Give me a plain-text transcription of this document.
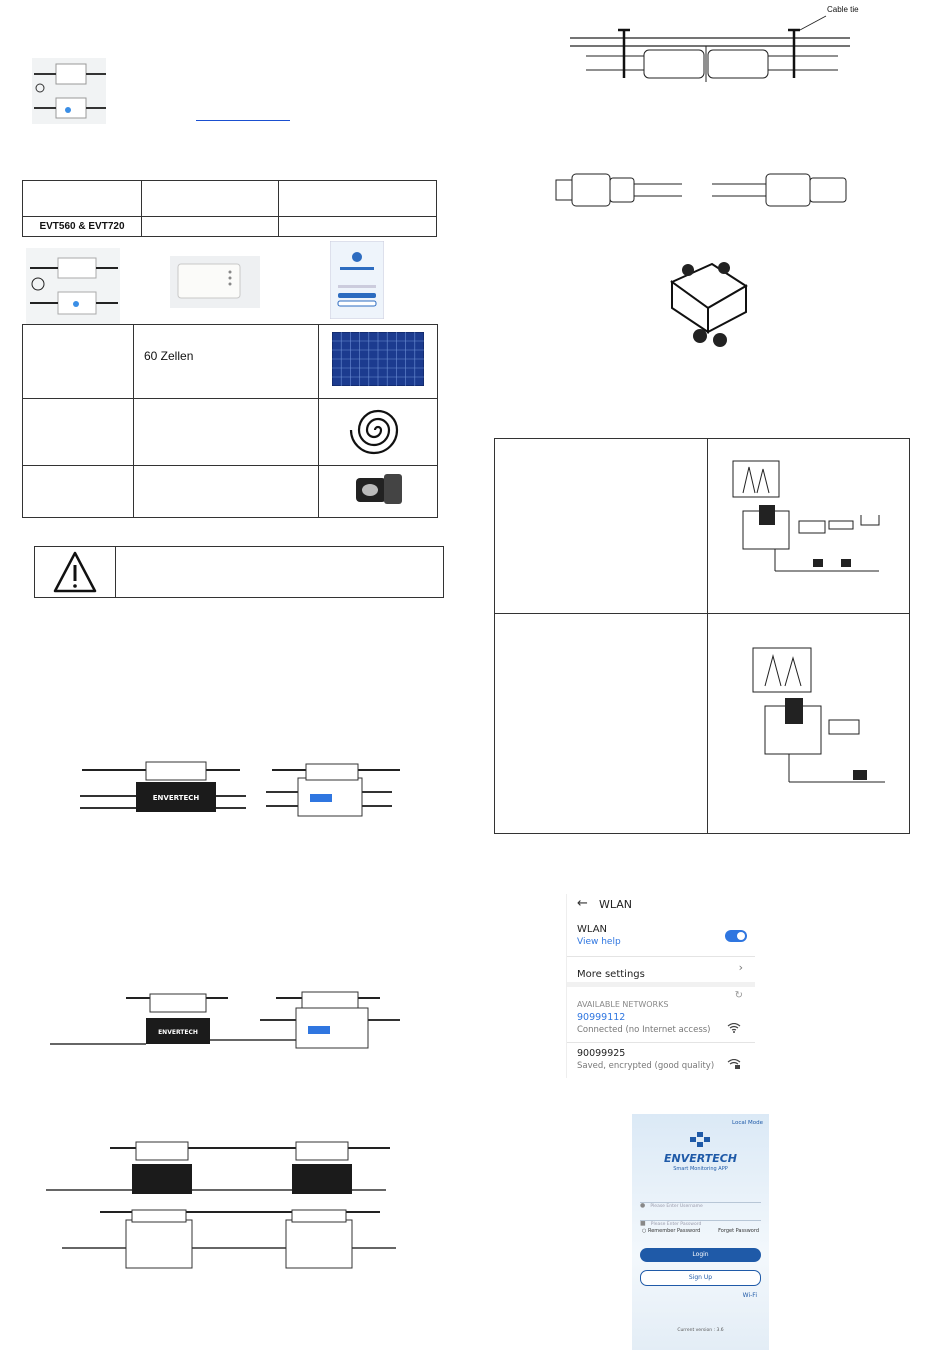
EVT560 & EVT720		
	60 Zellen	

ENVERTECH
ENVERTECH
Cable tie

← WLAN
WLAN
View help
More settings
›
AVAILABLE NETWORKS
↻
90999112
Connected (no Internet access)
90099925
Saved, encrypted (good quality)
Local Mode
ENVERTECH
Smart Monitoring APP
● Please Enter Username
■ Please Enter Password
○ Remember Password	Forget Password
Login
Sign Up
Wi-Fi
Current version : 3.6
